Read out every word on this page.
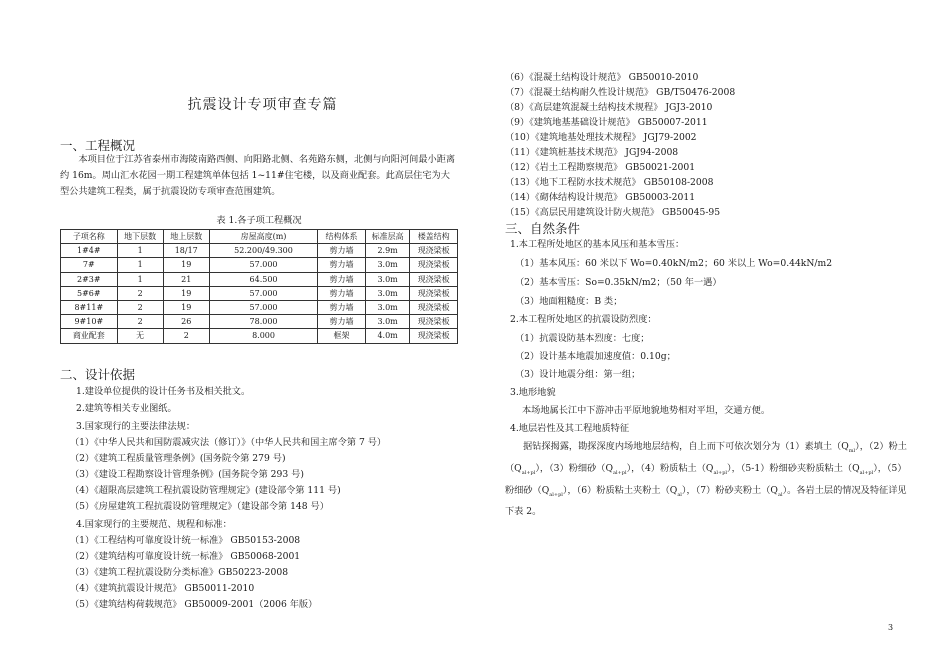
抗震设计专项审查专篇
一、工程概况
本项目位于江苏省泰州市海陵南路西侧、向阳路北侧、名苑路东侧，北侧与向阳河间最小距离约 16m。周山汇水花园一期工程建筑单体包括 1~11#住宅楼，以及商业配套。此高层住宅为大型公共建筑工程类，属于抗震设防专项审查范围建筑。
表 1.各子项工程概况
子项名称	地下层数	地上层数	房屋高度(m)	结构体系	标准层高	楼盖结构
1#4#	1	18/17	52.200/49.300	剪力墙	2.9m	现浇梁板
7#	1	19	57.000	剪力墙	3.0m	现浇梁板
2#3#	1	21	64.500	剪力墙	3.0m	现浇梁板
5#6#	2	19	57.000	剪力墙	3.0m	现浇梁板
8#11#	2	19	57.000	剪力墙	3.0m	现浇梁板
9#10#	2	26	78.000	剪力墙	3.0m	现浇梁板
商业配套	无	2	8.000	框架	4.0m	现浇梁板
二、设计依据
1.建设单位提供的设计任务书及相关批文。
2.建筑等相关专业图纸。
3.国家现行的主要法律法规：
（1）《中华人民共和国防震减灾法（修订）》（中华人民共和国主席令第 7 号）
（2）《建筑工程质量管理条例》(国务院令第 279 号)
（3）《建设工程勘察设计管理条例》(国务院令第 293 号)
（4）《超限高层建筑工程抗震设防管理规定》(建设部令第 111 号)
（5）《房屋建筑工程抗震设防管理规定》（建设部令第 148 号）
4.国家现行的主要规范、规程和标准：
（1）《工程结构可靠度设计统一标准》 GB50153-2008
（2）《建筑结构可靠度设计统一标准》 GB50068-2001
（3）《建筑工程抗震设防分类标准》GB50223-2008
（4）《建筑抗震设计规范》 GB50011-2010
（5）《建筑结构荷载规范》 GB50009-2001（2006 年版）
（6）《混凝土结构设计规范》 GB50010-2010
（7）《混凝土结构耐久性设计规范》 GB/T50476-2008
（8）《高层建筑混凝土结构技术规程》 JGJ3-2010
（9）《建筑地基基础设计规范》 GB50007-2011
（10）《建筑地基处理技术规程》 JGJ79-2002
（11）《建筑桩基技术规范》 JGJ94-2008
（12）《岩土工程勘察规范》 GB50021-2001
（13）《地下工程防水技术规范》 GB50108-2008
（14）《砌体结构设计规范》 GB50003-2011
（15）《高层民用建筑设计防火规范》 GB50045-95
三、自然条件
1.本工程所处地区的基本风压和基本雪压：
（1）基本风压：60 米以下 Wo=0.40kN/m2；60 米以上 Wo=0.44kN/m2
（2）基本雪压：So=0.35kN/m2；（50 年一遇）
（3）地面粗糙度：B 类；
2.本工程所处地区的抗震设防烈度：
（1）抗震设防基本烈度：七度；
（2）设计基本地震加速度值：0.10g；
（3）设计地震分组：第一组；
3.地形地貌
本场地属长江中下游冲击平原地貌地势相对平坦，交通方便。
4.地层岩性及其工程地质特征
据钻探揭露，勘探深度内场地地层结构，自上而下可依次划分为（1）素填土$(Q_{ml})$，（2）粉土$(Q_{al+pl})$，（3）粉细砂$(Q_{al+pl})$，（4）粉质粘土$(Q_{al+pl})$，（5-1）粉细砂夹粉质粘土$(Q_{al+pl})$，（5）粉细砂$(Q_{al+pl})$，（6）粉质粘土夹粉土$(Q_{al})$，（7）粉砂夹粉土$(Q_{al})$。各岩土层的情况及特征详见下表 2。
3
